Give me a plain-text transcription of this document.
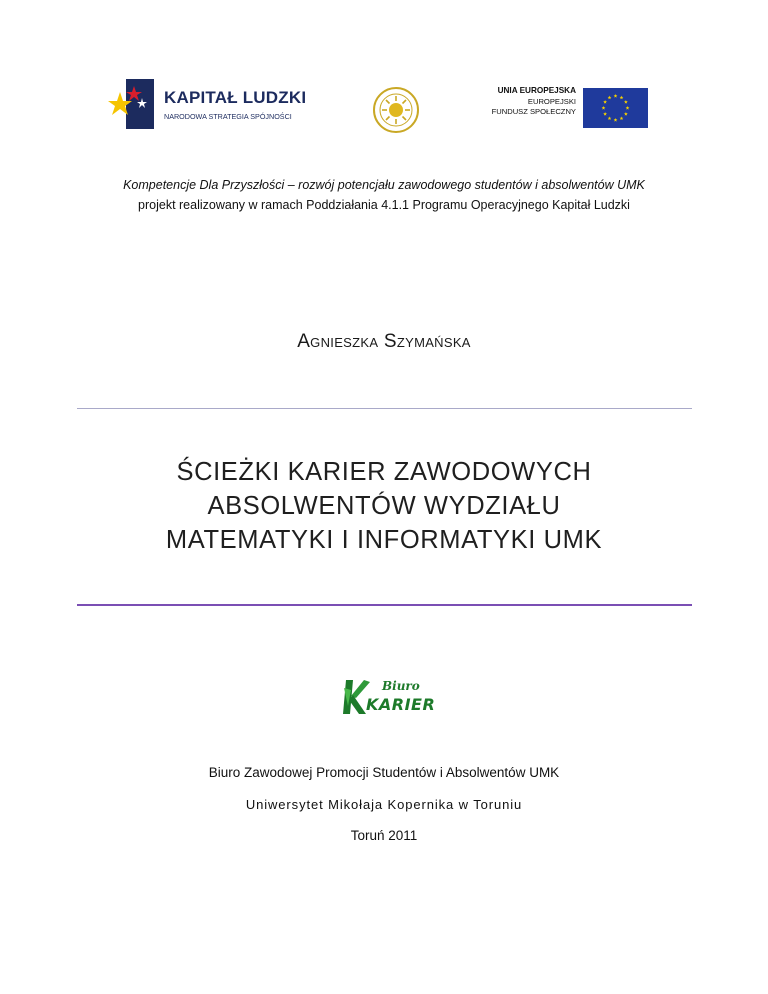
KAPITAŁ LUDZKI
NARODOWA STRATEGIA SPÓJNOŚCI
UNIA EUROPEJSKA
EUROPEJSKI
FUNDUSZ SPOŁECZNY
Kompetencje Dla Przyszłości – rozwój potencjału zawodowego studentów i absolwentów UMK
projekt realizowany w ramach Poddziałania 4.1.1 Programu Operacyjnego Kapitał Ludzki
Agnieszka Szymańska
ŚCIEŻKI KARIER ZAWODOWYCH
ABSOLWENTÓW WYDZIAŁU
MATEMATYKI I INFORMATYKI UMK
Biuro
KARIER
Biuro Zawodowej Promocji Studentów i Absolwentów UMK
Uniwersytet Mikołaja Kopernika w Toruniu
Toruń 2011
